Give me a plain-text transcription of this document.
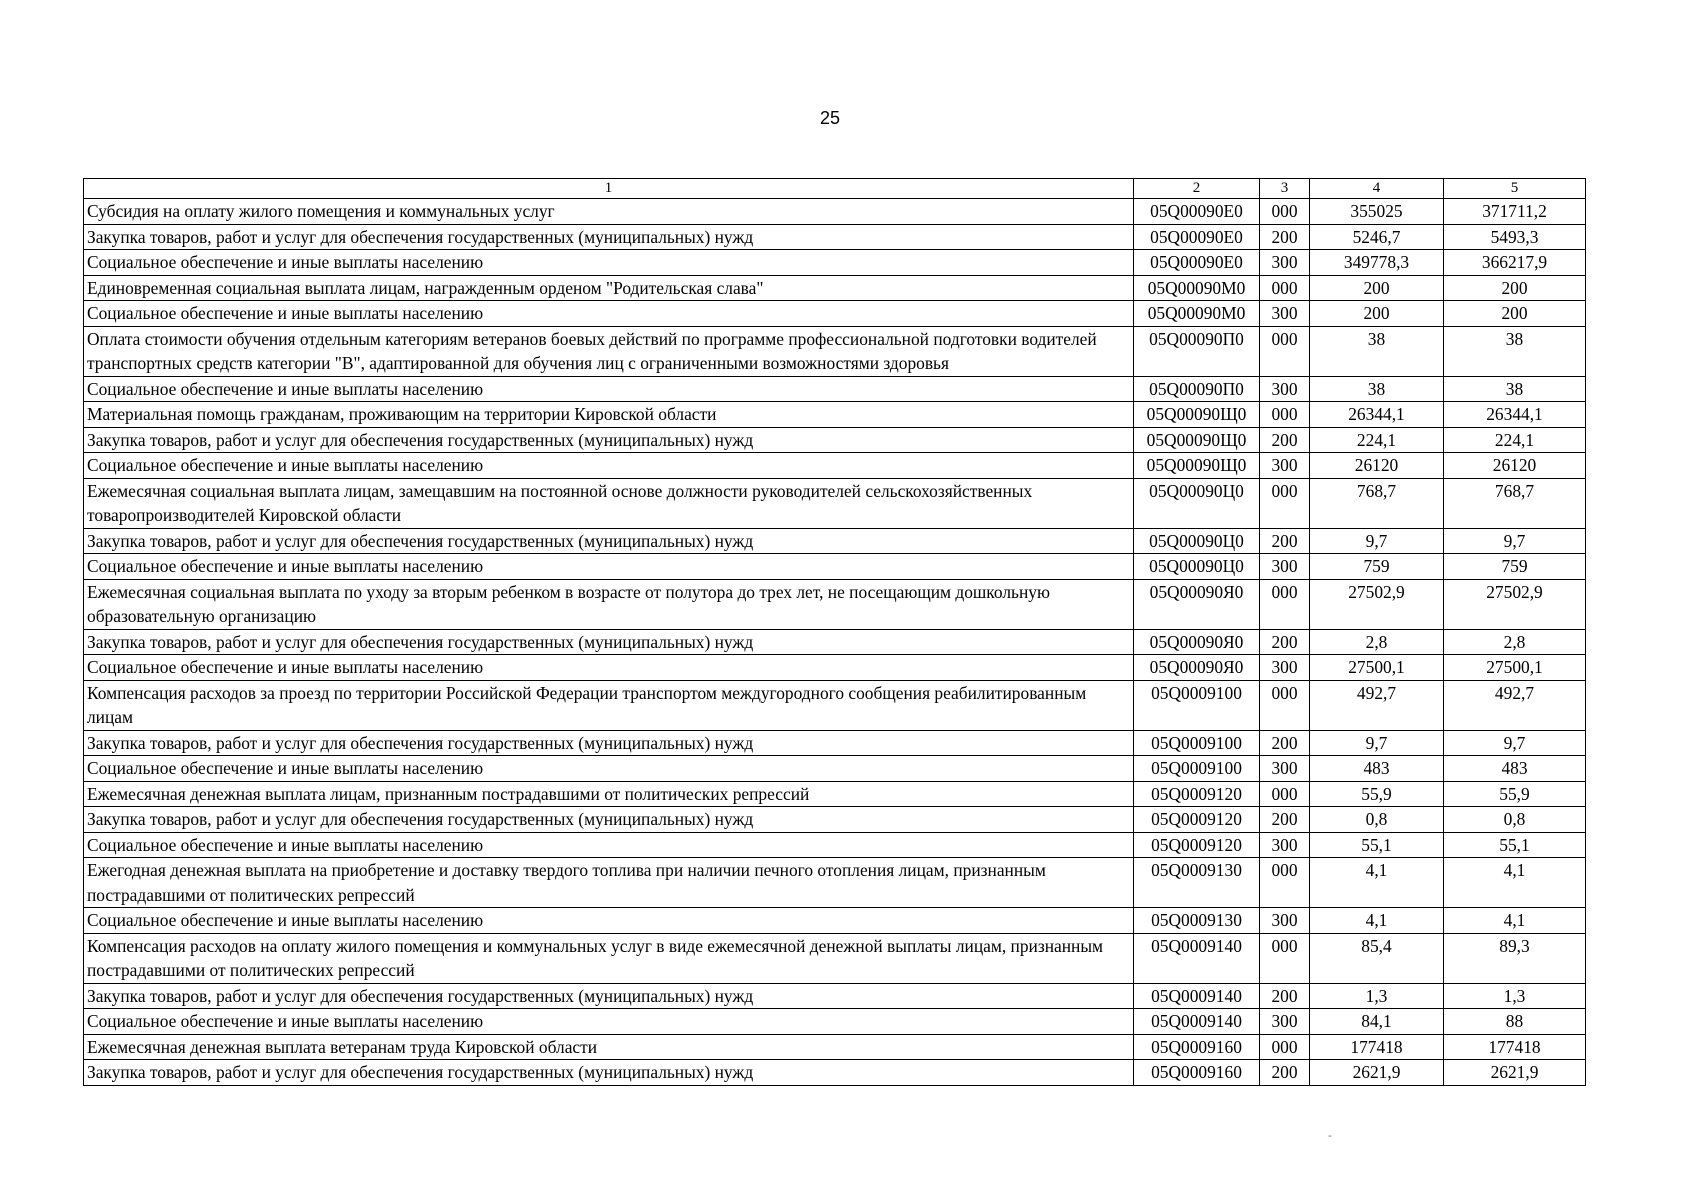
25
1	2	3	4	5
Субсидия на оплату жилого помещения и коммунальных услуг	05Q00090E0	000	355025	371711,2
Закупка товаров, работ и услуг для обеспечения государственных (муниципальных) нужд	05Q00090E0	200	5246,7	5493,3
Социальное обеспечение и иные выплаты населению	05Q00090E0	300	349778,3	366217,9
Единовременная социальная выплата лицам, награжденным орденом "Родительская слава"	05Q00090M0	000	200	200
Социальное обеспечение и иные выплаты населению	05Q00090M0	300	200	200
Оплата стоимости обучения отдельным категориям ветеранов боевых действий по программе профессиональной подготовки водителей транспортных средств категории "В", адаптированной для обучения лиц с ограниченными возможностями здоровья	05Q00090П0	000	38	38
Социальное обеспечение и иные выплаты населению	05Q00090П0	300	38	38
Материальная помощь гражданам, проживающим на территории Кировской области	05Q00090Щ0	000	26344,1	26344,1
Закупка товаров, работ и услуг для обеспечения государственных (муниципальных) нужд	05Q00090Щ0	200	224,1	224,1
Социальное обеспечение и иные выплаты населению	05Q00090Щ0	300	26120	26120
Ежемесячная социальная выплата лицам, замещавшим на постоянной основе должности руководителей сельскохозяйственных товаропроизводителей Кировской области	05Q00090Ц0	000	768,7	768,7
Закупка товаров, работ и услуг для обеспечения государственных (муниципальных) нужд	05Q00090Ц0	200	9,7	9,7
Социальное обеспечение и иные выплаты населению	05Q00090Ц0	300	759	759
Ежемесячная социальная выплата по уходу за вторым ребенком в возрасте от полутора до трех лет, не посещающим дошкольную образовательную организацию	05Q00090Я0	000	27502,9	27502,9
Закупка товаров, работ и услуг для обеспечения государственных (муниципальных) нужд	05Q00090Я0	200	2,8	2,8
Социальное обеспечение и иные выплаты населению	05Q00090Я0	300	27500,1	27500,1
Компенсация расходов за проезд по территории Российской Федерации транспортом междугородного сообщения реабилитированным лицам	05Q0009100	000	492,7	492,7
Закупка товаров, работ и услуг для обеспечения государственных (муниципальных) нужд	05Q0009100	200	9,7	9,7
Социальное обеспечение и иные выплаты населению	05Q0009100	300	483	483
Ежемесячная денежная выплата лицам, признанным пострадавшими от политических репрессий	05Q0009120	000	55,9	55,9
Закупка товаров, работ и услуг для обеспечения государственных (муниципальных) нужд	05Q0009120	200	0,8	0,8
Социальное обеспечение и иные выплаты населению	05Q0009120	300	55,1	55,1
Ежегодная денежная выплата на приобретение и доставку твердого топлива при наличии печного отопления лицам, признанным пострадавшими от политических репрессий	05Q0009130	000	4,1	4,1
Социальное обеспечение и иные выплаты населению	05Q0009130	300	4,1	4,1
Компенсация расходов на оплату жилого помещения и коммунальных услуг в виде ежемесячной денежной выплаты лицам, признанным пострадавшими от политических репрессий	05Q0009140	000	85,4	89,3
Закупка товаров, работ и услуг для обеспечения государственных (муниципальных) нужд	05Q0009140	200	1,3	1,3
Социальное обеспечение и иные выплаты населению	05Q0009140	300	84,1	88
Ежемесячная денежная выплата ветеранам труда Кировской области	05Q0009160	000	177418	177418
Закупка товаров, работ и услуг для обеспечения государственных (муниципальных) нужд	05Q0009160	200	2621,9	2621,9
-
